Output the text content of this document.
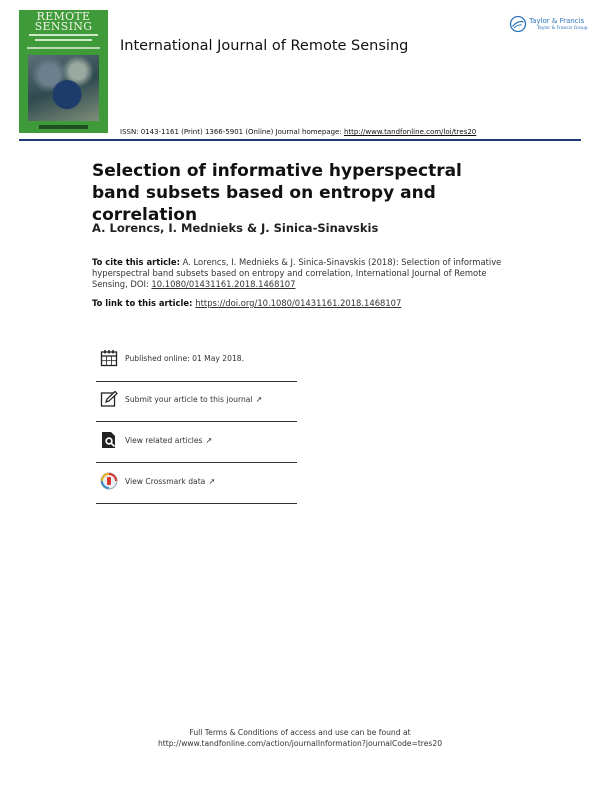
REMOTE
SENSING
International Journal of Remote Sensing
Taylor & Francis
Taylor & Francis Group
ISSN: 0143-1161 (Print) 1366-5901 (Online) Journal homepage: http://www.tandfonline.com/loi/tres20
Selection of informative hyperspectral band subsets based on entropy and correlation
A. Lorencs, I. Mednieks & J. Sinica-Sinavskis
To cite this article: A. Lorencs, I. Mednieks & J. Sinica-Sinavskis (2018): Selection of informative hyperspectral band subsets based on entropy and correlation, International Journal of Remote Sensing, DOI: 10.1080/01431161.2018.1468107
To link to this article: https://doi.org/10.1080/01431161.2018.1468107
Published online: 01 May 2018.
Submit your article to this journal ↗
View related articles ↗
View Crossmark data ↗
Full Terms & Conditions of access and use can be found at
http://www.tandfonline.com/action/journalInformation?journalCode=tres20
